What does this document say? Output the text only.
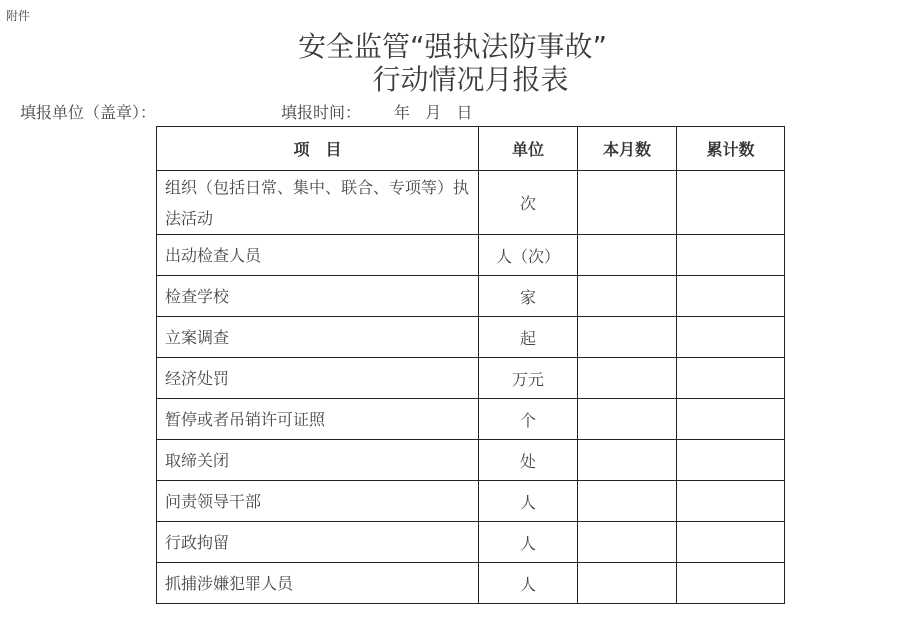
附件
安全监管“强执法防事故”
行动情况月报表
填报单位（盖章）：	填报时间： 年   月   日
项　目	单位	本月数	累计数
组织（包括日常、集中、联合、专项等）执法活动	次		
出动检查人员	人（次）		
检查学校	家		
立案调查	起		
经济处罚	万元		
暂停或者吊销许可证照	个		
取缔关闭	处		
问责领导干部	人		
行政拘留	人		
抓捕涉嫌犯罪人员	人		
